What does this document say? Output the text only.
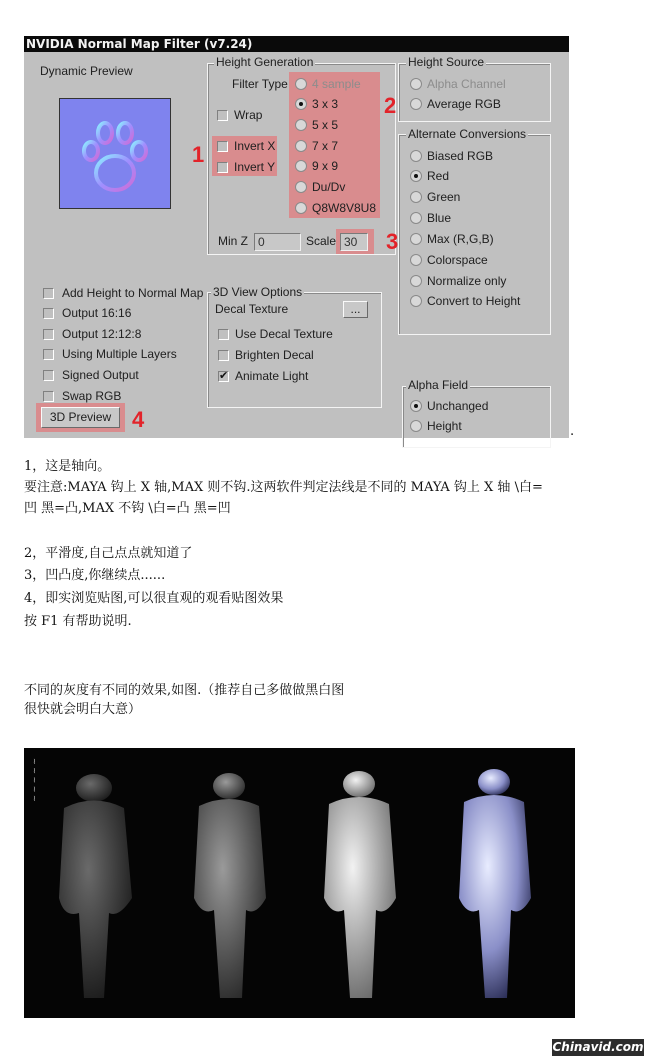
NVIDIA Normal Map Filter (v7.24)
Dynamic Preview
Height Generation
Filter Type 4 sample
3 x 3
5 x 5
7 x 7
9 x 9
Du/Dv
Q8W8V8U8
Wrap
Invert X
Invert Y
Min Z 0	Scale 30
Height Source
Alpha Channel
Average RGB
Alternate Conversions
Biased RGB
Red
Green
Blue
Max (R,G,B)
Colorspace
Normalize only
Convert to Height
Add Height to Normal Map
Output 16:16
Output 12:12:8
Using Multiple Layers
Signed Output
Swap RGB
3D View Options
Decal Texture	...
Use Decal Texture
Brighten Decal
✔
Animate Light
Alpha Field
Unchanged
Height
3D Preview
1
2
3
4	.
1，这是轴向。
要注意:MAYA 钩上 X 轴,MAX 则不钩.这两软件判定法线是不同的 MAYA 钩上 X 轴 \白=
凹 黑=凸,MAX 不钩 \白=凸 黑=凹
2，平滑度,自己点点就知道了
3，凹凸度,你继续点......
4，即实浏览贴图,可以很直观的观看贴图效果
按 F1 有帮助说明.
不同的灰度有不同的效果,如图.（推荐自己多做做黑白图
很快就会明白大意）
~ ~ ~ ~ ~
Chinavid.com
